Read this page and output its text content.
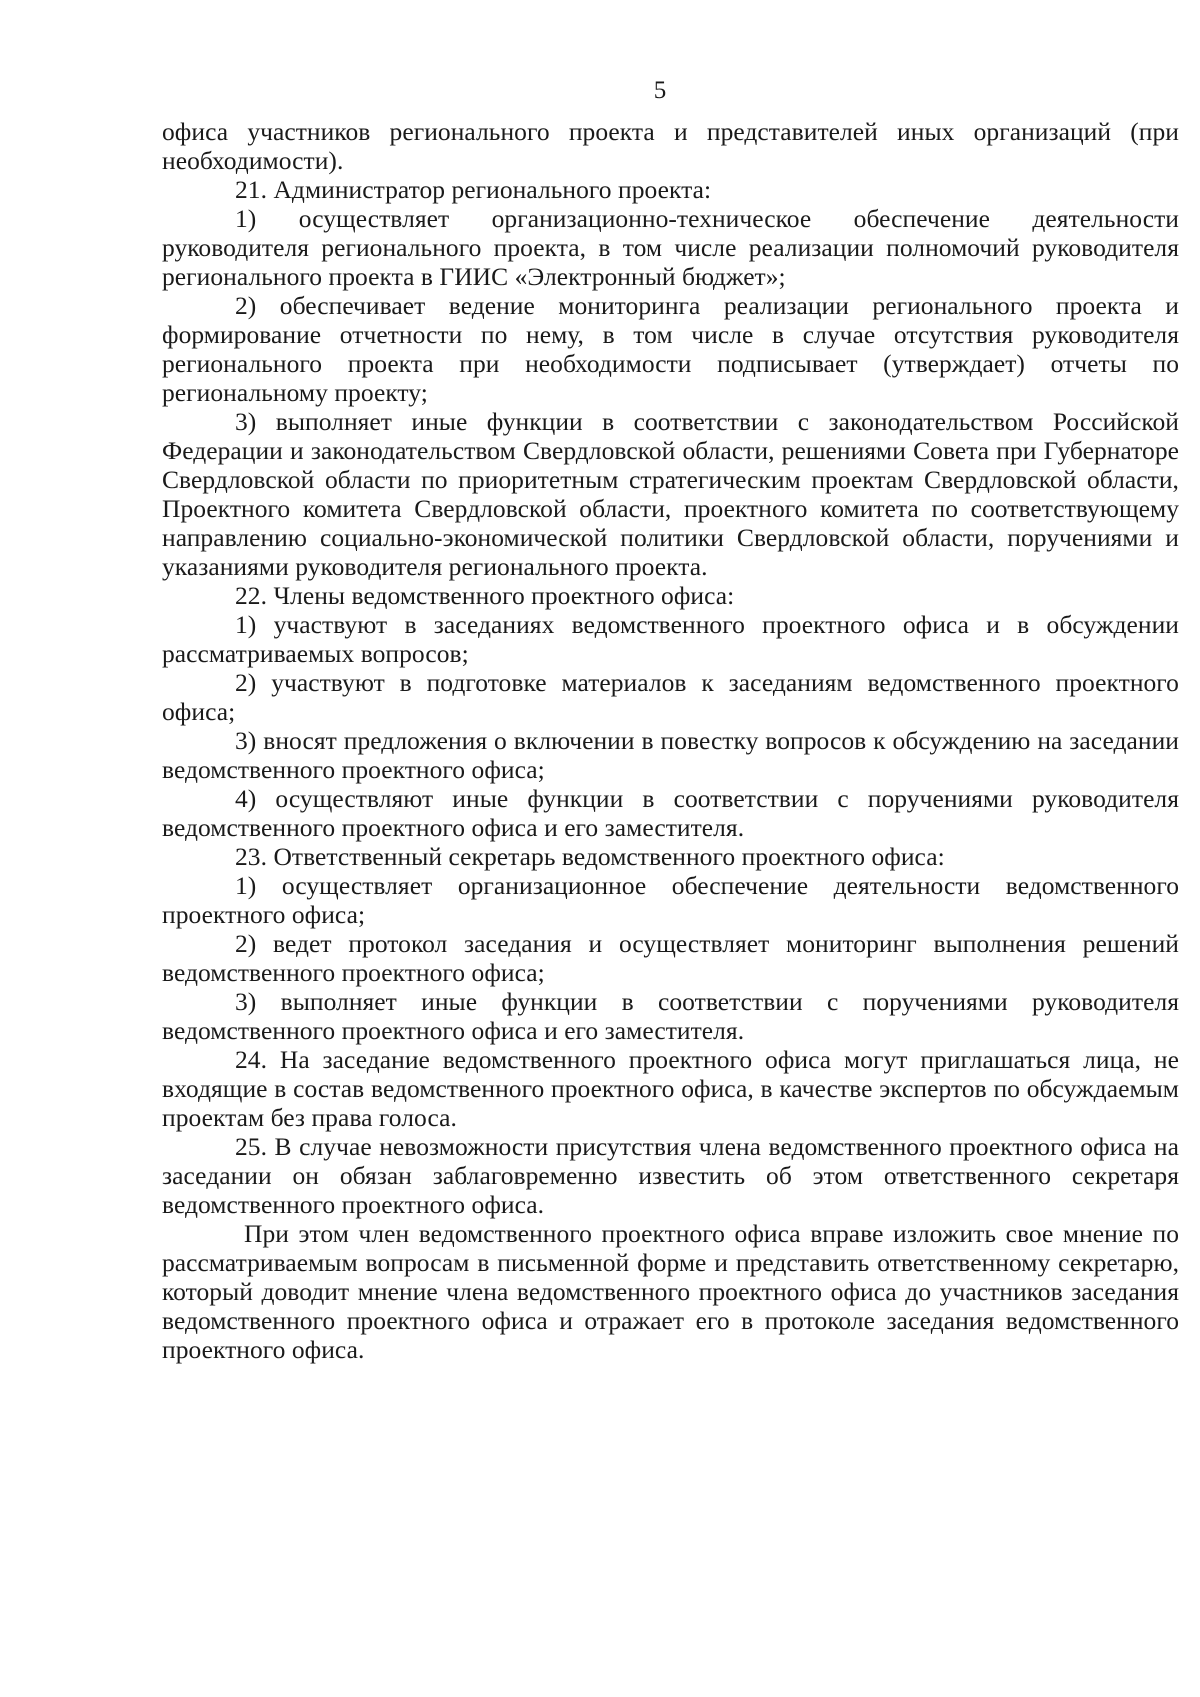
5

офиса участников регионального проекта и представителей иных организаций (при необходимости).

21. Администратор регионального проекта:

1) осуществляет организационно-техническое обеспечение деятельности руководителя регионального проекта, в том числе реализации полномочий руководителя регионального проекта в ГИИС «Электронный бюджет»;

2) обеспечивает ведение мониторинга реализации регионального проекта и формирование отчетности по нему, в том числе в случае отсутствия руководителя регионального проекта при необходимости подписывает (утверждает) отчеты по региональному проекту;

3) выполняет иные функции в соответствии с законодательством Российской Федерации и законодательством Свердловской области, решениями Совета при Губернаторе Свердловской области по приоритетным стратегическим проектам Свердловской области, Проектного комитета Свердловской области, проектного комитета по соответствующему направлению социально-экономической политики Свердловской области, поручениями и указаниями руководителя регионального проекта.

22. Члены ведомственного проектного офиса:

1) участвуют в заседаниях ведомственного проектного офиса и в обсуждении рассматриваемых вопросов;

2) участвуют в подготовке материалов к заседаниям ведомственного проектного офиса;

3) вносят предложения о включении в повестку вопросов к обсуждению на заседании ведомственного проектного офиса;

4) осуществляют иные функции в соответствии с поручениями руководителя ведомственного проектного офиса и его заместителя.

23. Ответственный секретарь ведомственного проектного офиса:

1) осуществляет организационное обеспечение деятельности ведомственного проектного офиса;

2) ведет протокол заседания и осуществляет мониторинг выполнения решений ведомственного проектного офиса;

3) выполняет иные функции в соответствии с поручениями руководителя ведомственного проектного офиса и его заместителя.

24. На заседание ведомственного проектного офиса могут приглашаться лица, не входящие в состав ведомственного проектного офиса, в качестве экспертов по обсуждаемым проектам без права голоса.

25. В случае невозможности присутствия члена ведомственного проектного офиса на заседании он обязан заблаговременно известить об этом ответственного секретаря ведомственного проектного офиса.

При этом член ведомственного проектного офиса вправе изложить свое мнение по рассматриваемым вопросам в письменной форме и представить ответственному секретарю, который доводит мнение члена ведомственного проектного офиса до участников заседания ведомственного проектного офиса и отражает его в протоколе заседания ведомственного проектного офиса.
